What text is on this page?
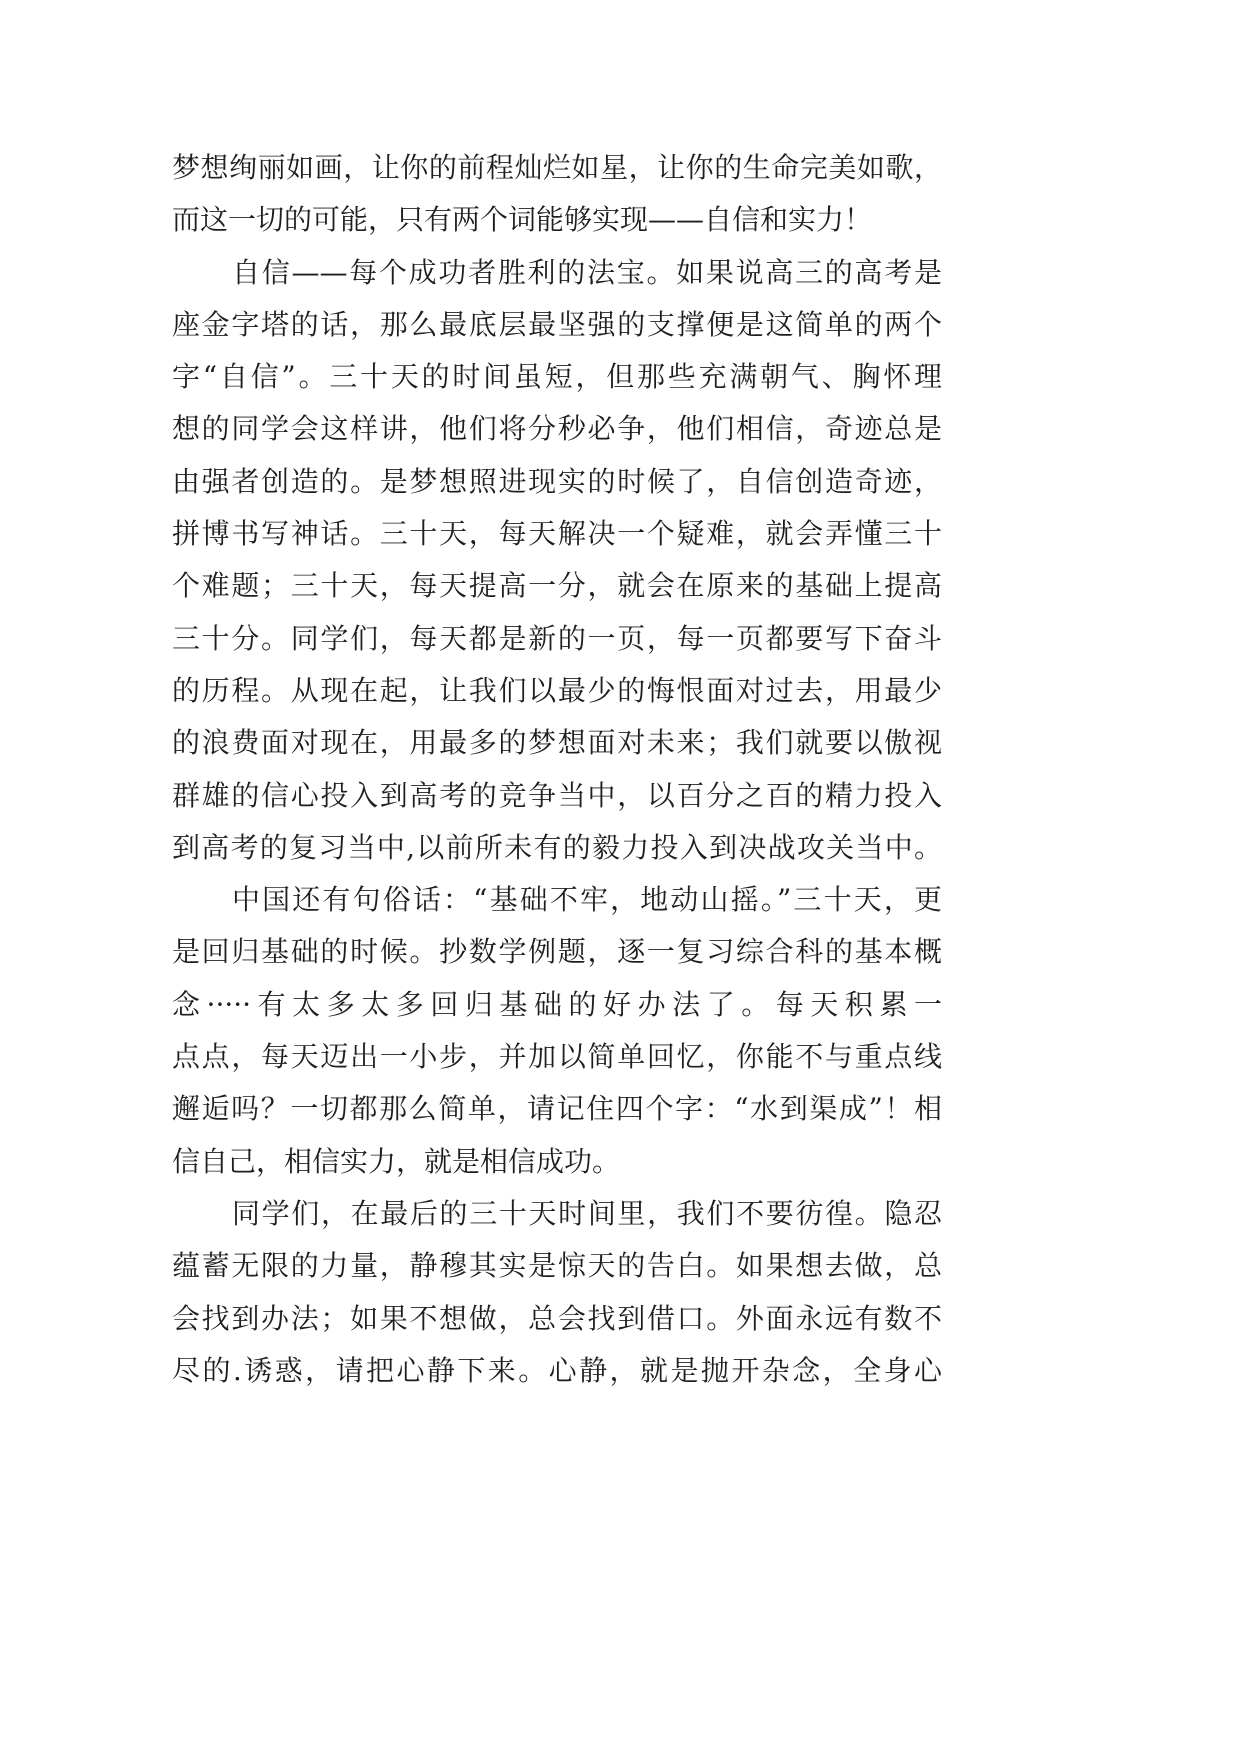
梦想绚丽如画，让你的前程灿烂如星，让你的生命完美如歌，
而这一切的可能，只有两个词能够实现——自信和实力！
自信——每个成功者胜利的法宝。如果说高三的高考是
座金字塔的话，那么最底层最坚强的支撑便是这简单的两个
字“自信”。三十天的时间虽短，但那些充满朝气、胸怀理
想的同学会这样讲，他们将分秒必争，他们相信，奇迹总是
由强者创造的。是梦想照进现实的时候了，自信创造奇迹，
拼博书写神话。三十天，每天解决一个疑难，就会弄懂三十
个难题；三十天，每天提高一分，就会在原来的基础上提高
三十分。同学们，每天都是新的一页，每一页都要写下奋斗
的历程。从现在起，让我们以最少的悔恨面对过去，用最少
的浪费面对现在，用最多的梦想面对未来；我们就要以傲视
群雄的信心投入到高考的竞争当中，以百分之百的精力投入
到高考的复习当中,以前所未有的毅力投入到决战攻关当中。
中国还有句俗话：“基础不牢，地动山摇。”三十天，更
是回归基础的时候。抄数学例题，逐一复习综合科的基本概
念·····有太多太多回归基础的好办法了。每天积累一
点点，每天迈出一小步，并加以简单回忆，你能不与重点线
邂逅吗？一切都那么简单，请记住四个字：“水到渠成”！相
信自己，相信实力，就是相信成功。
同学们，在最后的三十天时间里，我们不要彷徨。隐忍
蕴蓄无限的力量，静穆其实是惊天的告白。如果想去做，总
会找到办法；如果不想做，总会找到借口。外面永远有数不
尽的.诱惑，请把心静下来。心静，就是抛开杂念，全身心
